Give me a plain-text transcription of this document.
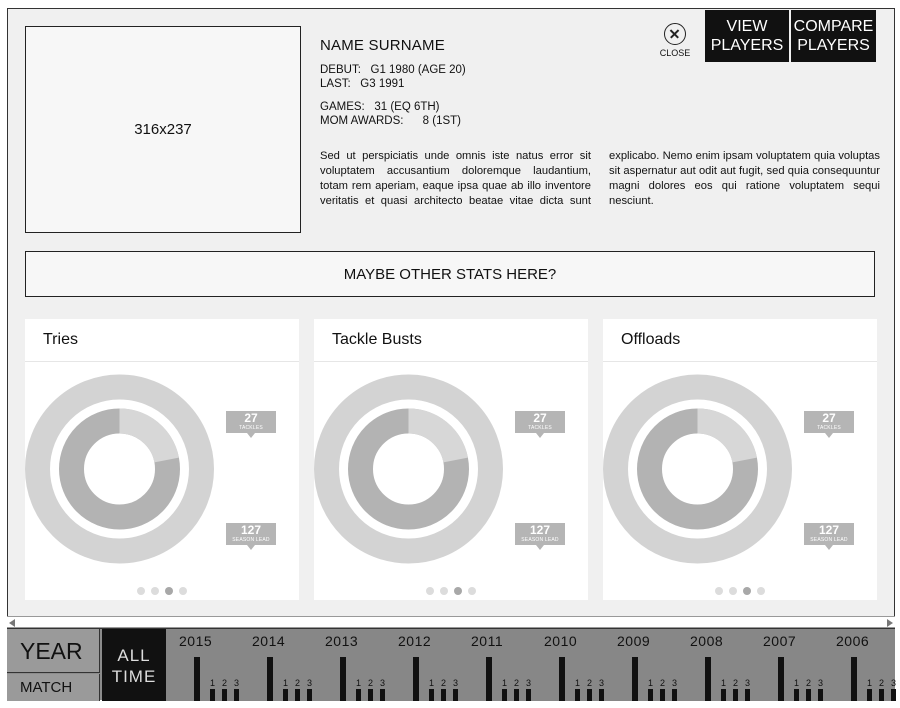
316x237
NAME SURNAME
DEBUT: G1 1980 (AGE 20)
LAST: G3 1991
GAMES: 31 (EQ 6TH)
MOM AWARDS: 8 (1ST)
Sed ut perspiciatis unde omnis iste natus error sit voluptatem accusantium doloremque laudantium, totam rem aperiam, eaque ipsa quae ab illo inventore veritatis et quasi architecto beatae vitae dicta sunt explicabo. Nemo enim ipsam voluptatem quia voluptas sit aspernatur aut odit aut fugit, sed quia consequuntur magni dolores eos qui ratione voluptatem sequi nesciunt.
CLOSE
VIEW PLAYERS
COMPARE PLAYERS
MAYBE OTHER STATS HERE?
Tries
27
TACKLES
127
SEASON LEAD
Tackle Busts
27
TACKLES
127
SEASON LEAD
Offloads
27
TACKLES
127
SEASON LEAD
YEAR
MATCH
ALL TIME
2015
1 2 3
2014
1 2 3
2013
1 2 3
2012
1 2 3
2011
1 2 3
2010
1 2 3
2009
1 2 3
2008
1 2 3
2007
1 2 3
2006
1 2 3
